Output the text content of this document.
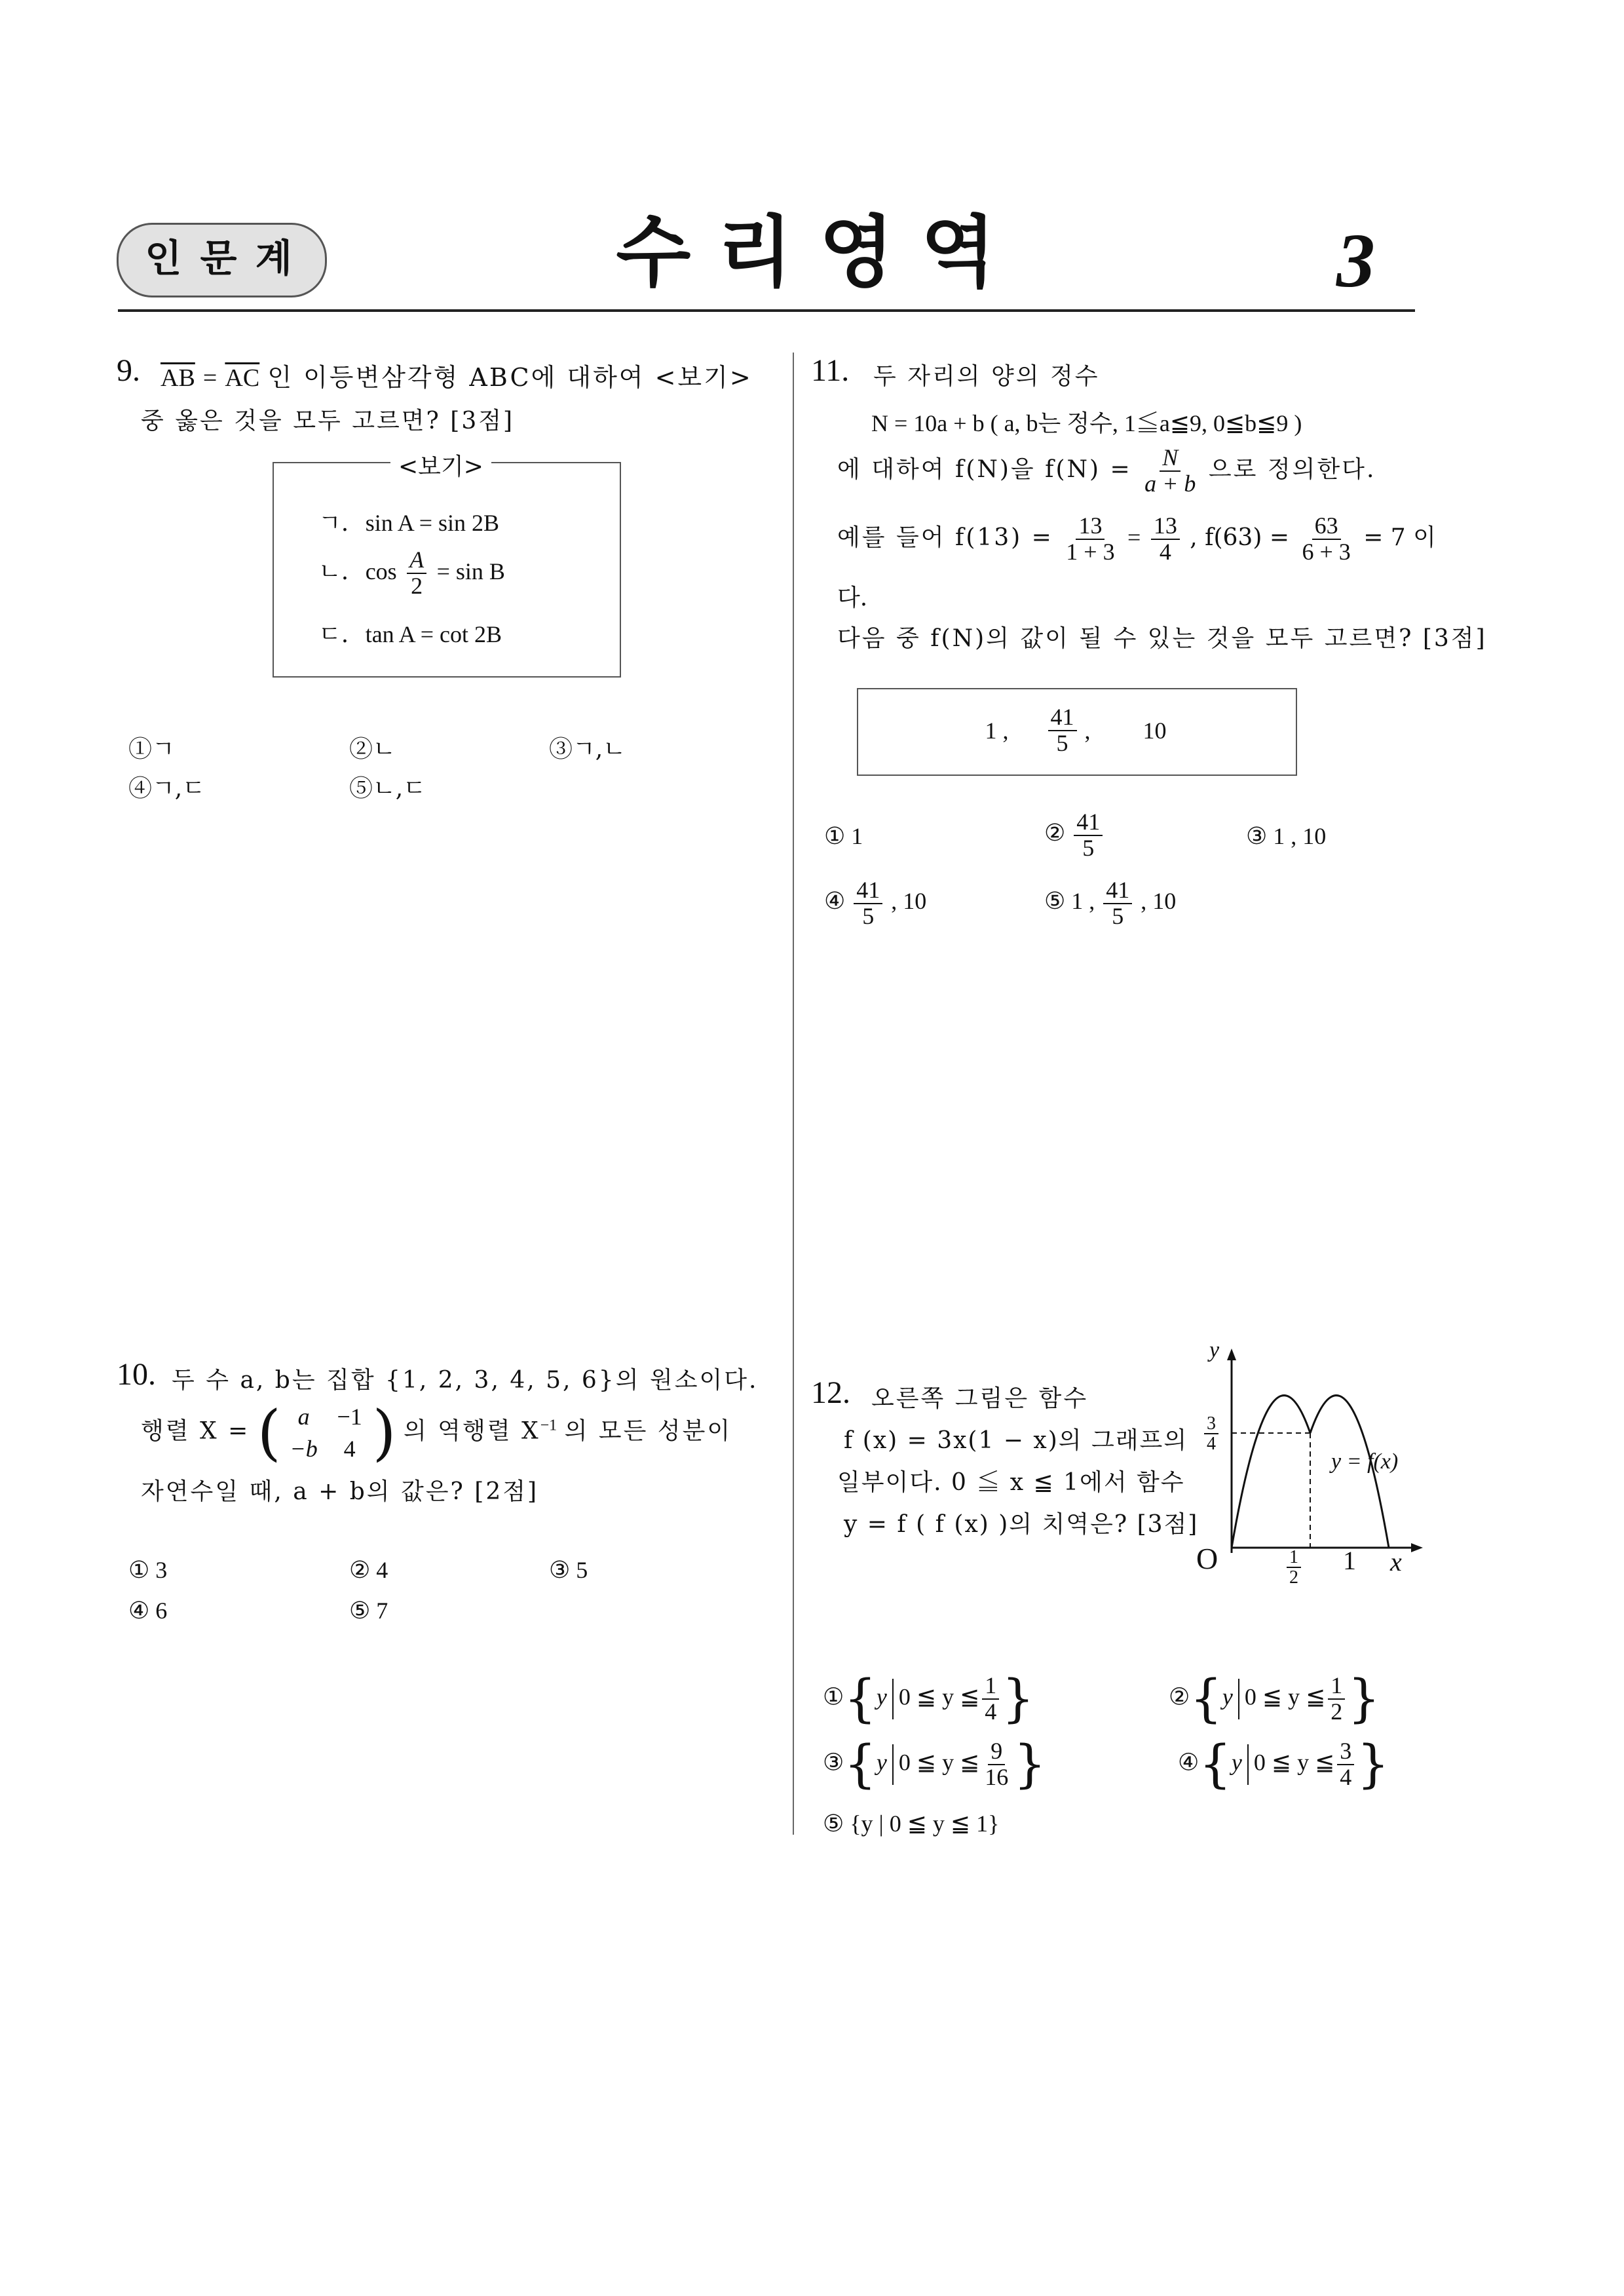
인 문 계	수 리 영 역	3
9. $\overline{AB} = \overline{AC}$ 인 이등변삼각형 ABC에 대하여 <보기>
중 옳은 것을 모두 고르면? [3점]
<보기>
ㄱ. sin A = sin 2B
ㄴ. $\cos \frac{A}{2} = \sin B$
ㄷ. tan A = cot 2B
①ㄱ	②ㄴ	③ㄱ,ㄴ
④ㄱ,ㄷ	⑤ㄴ,ㄷ
10. 두 수 a, b는 집합 {1, 2, 3, 4, 5, 6}의 원소이다.
행렬 X = ( a	−1
−b	4 ) 의 역행렬 $X^{-1}$ 의 모든 성분이
자연수일 때, a + b의 값은? [2점]
① 3	② 4	③ 5
④ 6	⑤ 7
11. 두 자리의 양의 정수
N = 10a + b ( a, b는 정수, 1≦a≦9, 0≦b≦9 )
에 대하여 f(N)을 $f(N) = \frac{N}{a + b}$ 으로 정의한다.
예를 들어 $f(13) = \frac{13}{1 + 3} = \frac{13}{4}$ , $f(63) = \frac{63}{6 + 3} = 7$ 이
다.
다음 중 f(N)의 값이 될 수 있는 것을 모두 고르면? [3점]
1 , $\frac{41}{5}$ , 10
① 1	② $\frac{41}{5}$	③ 1 , 10
④ $\frac{41}{5}$ , 10	⑤ 1 , $\frac{41}{5}$ , 10
12. 오른쪽 그림은 함수
f (x) = 3x(1 − x)의 그래프의
일부이다. 0 ≦ x ≦ 1에서 함수
y = f ( f (x) )의 치역은? [3점]
y
x
O
$\frac{3}{4}$
$\frac{1}{2} 1$
y = f(x)
①{y 0 ≦ y ≦ $\frac{1}{4}$ }	②{y 0 ≦ y ≦ $\frac{1}{2}$ }
③{y 0 ≦ y ≦ $\frac{9}{16}$ }	④{y 0 ≦ y ≦ $\frac{3}{4}$ }
⑤ {y | 0 ≦ y ≦ 1}
